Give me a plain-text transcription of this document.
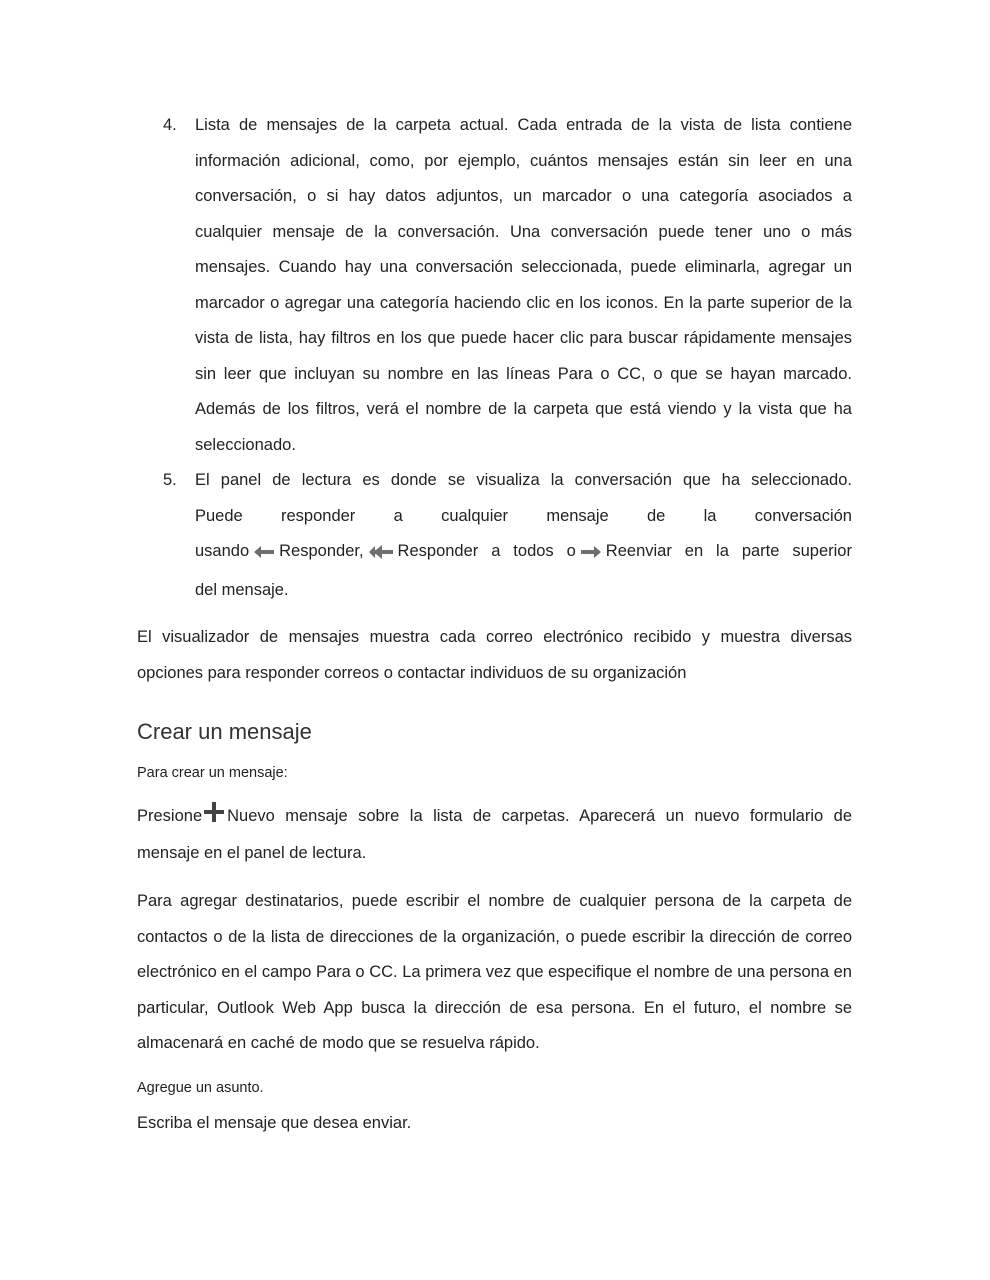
4. Lista de mensajes de la carpeta actual. Cada entrada de la vista de lista contiene información adicional, como, por ejemplo, cuántos mensajes están sin leer en una conversación, o si hay datos adjuntos, un marcador o una categoría asociados a cualquier mensaje de la conversación. Una conversación puede tener uno o más mensajes. Cuando hay una conversación seleccionada, puede eliminarla, agregar un marcador o agregar una categoría haciendo clic en los iconos. En la parte superior de la vista de lista, hay filtros en los que puede hacer clic para buscar rápidamente mensajes sin leer que incluyan su nombre en las líneas Para o CC, o que se hayan marcado. Además de los filtros, verá el nombre de la carpeta que está viendo y la vista que ha seleccionado.
5. El panel de lectura es donde se visualiza la conversación que ha seleccionado.
Puede responder a cualquier mensaje de la conversación
usando Responder, Responder a todos o Reenviar en la parte superior
del mensaje.

El visualizador de mensajes muestra cada correo electrónico recibido y muestra diversas opciones para responder correos o contactar individuos de su organización

Crear un mensaje

Para crear un mensaje:

Presione Nuevo mensaje sobre la lista de carpetas. Aparecerá un nuevo formulario de mensaje en el panel de lectura.

Para agregar destinatarios, puede escribir el nombre de cualquier persona de la carpeta de contactos o de la lista de direcciones de la organización, o puede escribir la dirección de correo electrónico en el campo Para o CC. La primera vez que especifique el nombre de una persona en particular, Outlook Web App busca la dirección de esa persona. En el futuro, el nombre se almacenará en caché de modo que se resuelva rápido.

Agregue un asunto.

Escriba el mensaje que desea enviar.
